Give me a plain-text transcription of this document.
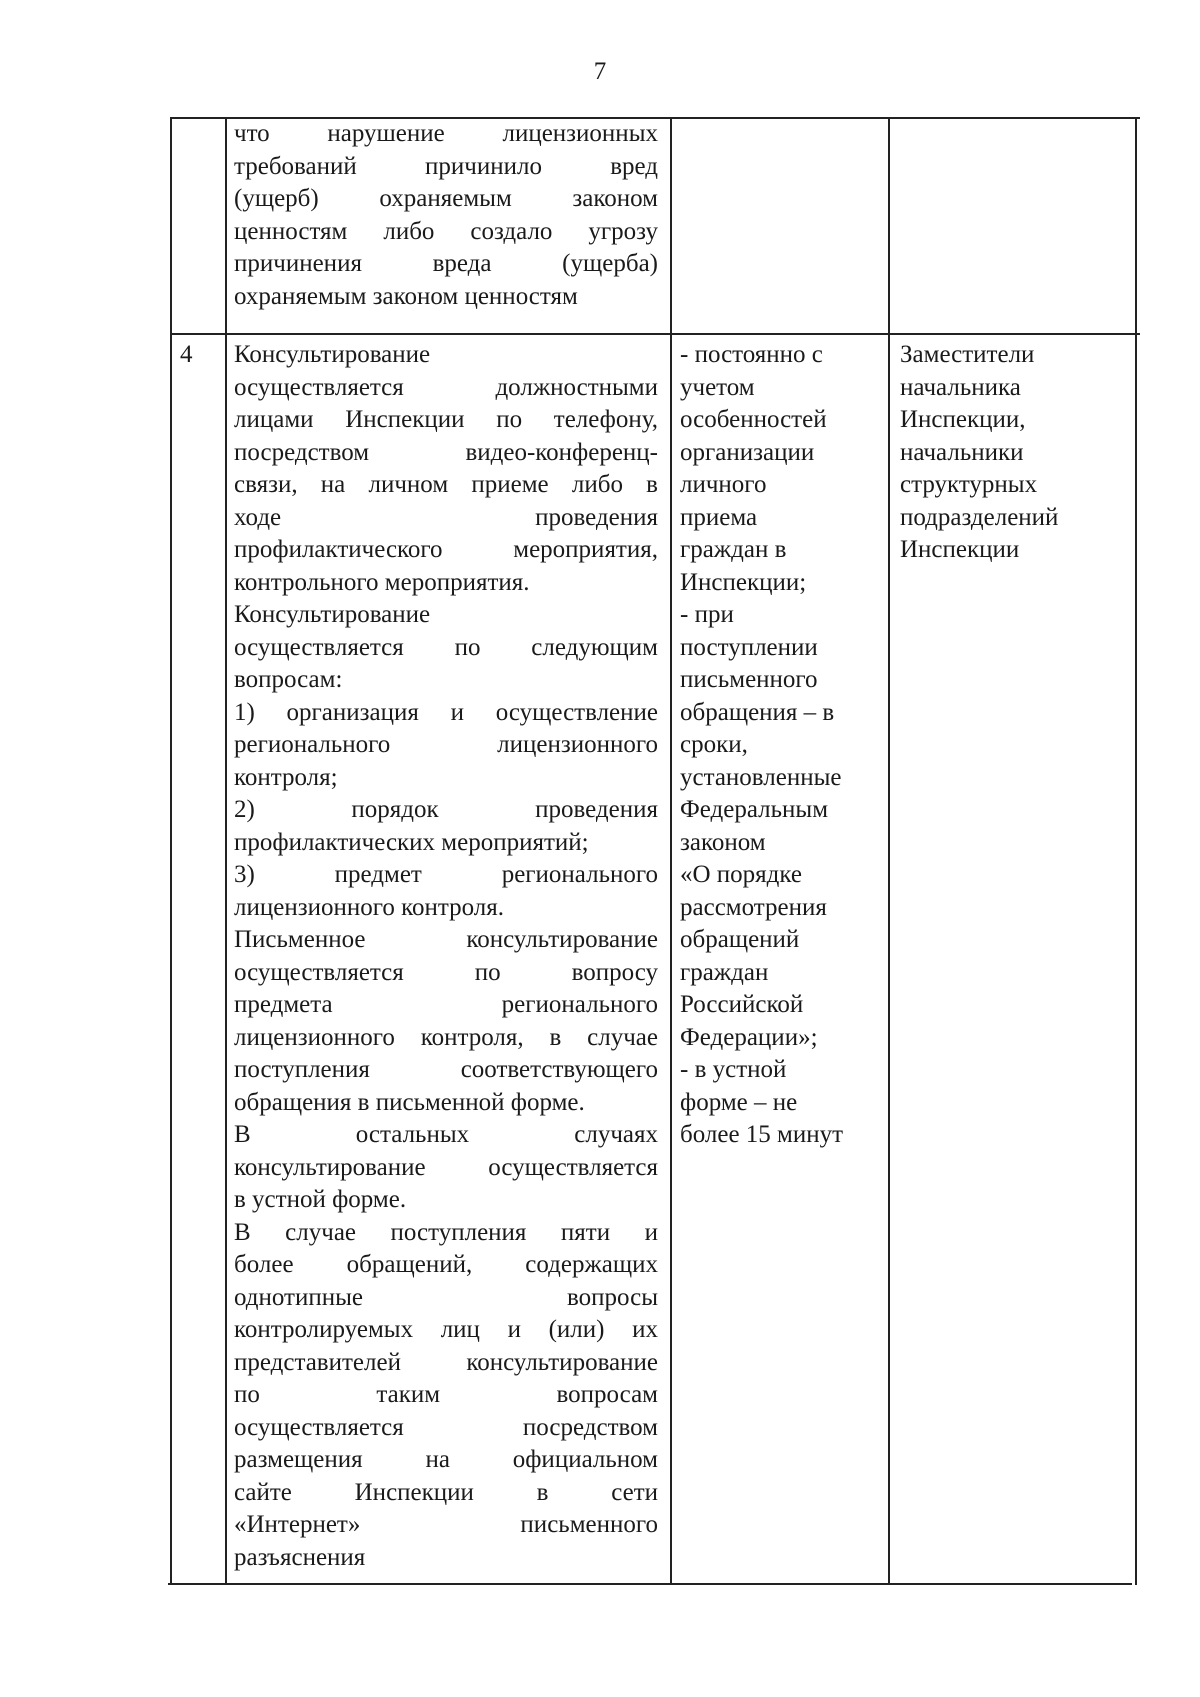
7

что нарушение лицензионных

требований причинило вред

(ущерб) охраняемым законом

ценностям либо создало угрозу

причинения вреда (ущерба)

охраняемым законом ценностям

4	Консультирование

осуществляется должностными

лицами Инспекции по телефону,

посредством видео-конференц-

связи, на личном приеме либо в

ходе проведения

профилактического мероприятия,

контрольного мероприятия.

Консультирование

осуществляется по следующим

вопросам:

1) организация и осуществление

регионального лицензионного

контроля;

2) порядок проведения

профилактических мероприятий;

3) предмет регионального

лицензионного контроля.

Письменное консультирование

осуществляется по вопросу

предмета регионального

лицензионного контроля, в случае

поступления соответствующего

обращения в письменной форме.

В остальных случаях

консультирование осуществляется

в устной форме.

В случае поступления пяти и

более обращений, содержащих

однотипные вопросы

контролируемых лиц и (или) их

представителей консультирование

по таким вопросам

осуществляется посредством

размещения на официальном

сайте Инспекции в сети

«Интернет» письменного

разъяснения

- постоянно с

учетом

особенностей

организации

личного

приема

граждан в

Инспекции;

- при

поступлении

письменного

обращения – в

сроки,

установленные

Федеральным

законом

«О порядке

рассмотрения

обращений

граждан

Российской

Федерации»;

- в устной

форме – не

более 15 минут

Заместители

начальника

Инспекции,

начальники

структурных

подразделений

Инспекции
